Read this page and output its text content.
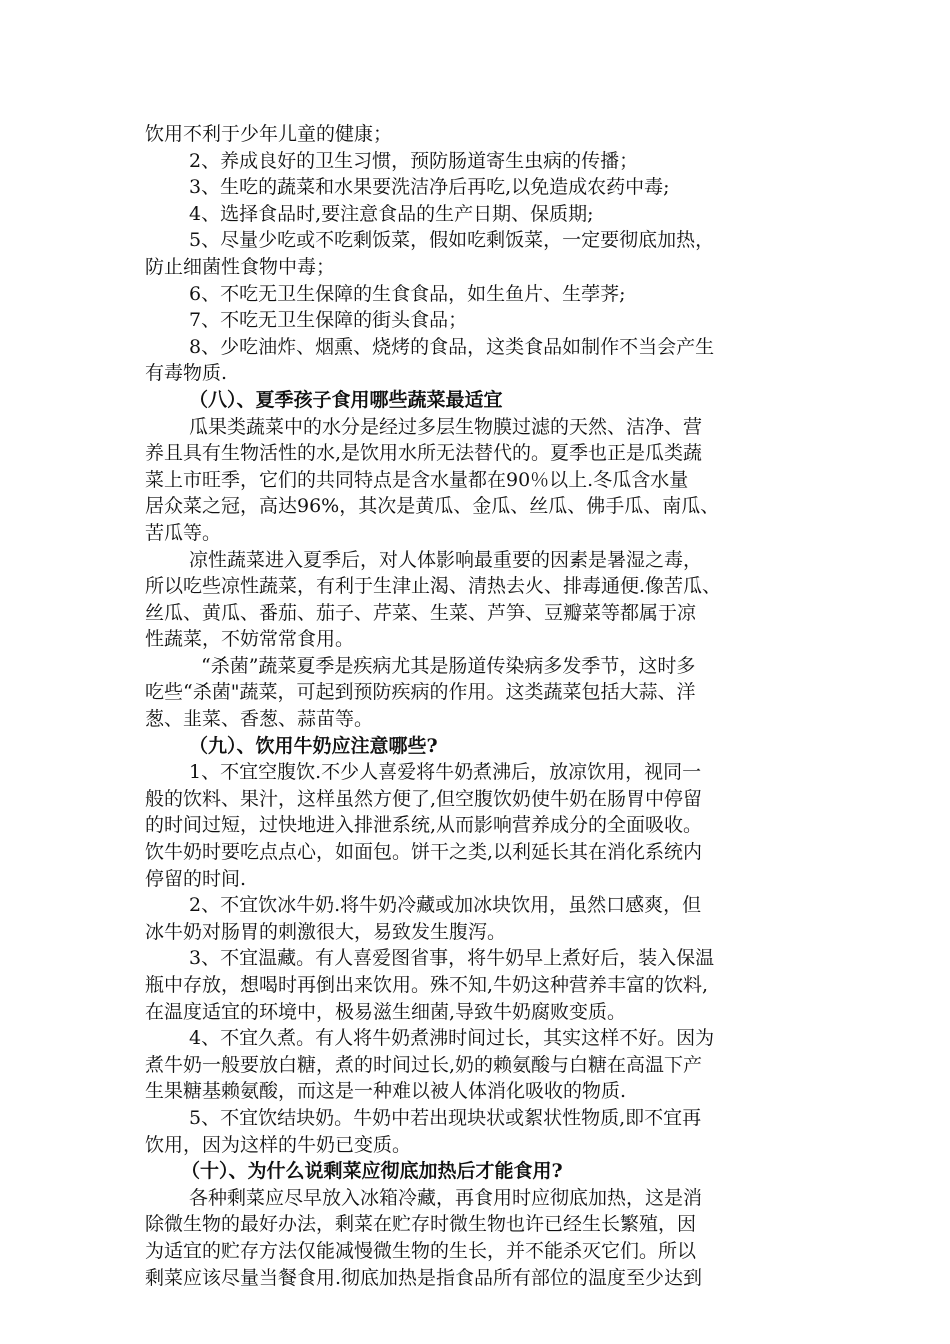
饮用不利于少年儿童的健康；
2、养成良好的卫生习惯，预防肠道寄生虫病的传播；
3、生吃的蔬菜和水果要洗洁净后再吃,以免造成农药中毒;
4、选择食品时,要注意食品的生产日期、保质期;
5、尽量少吃或不吃剩饭菜，假如吃剩饭菜，一定要彻底加热，
防止细菌性食物中毒；
6、不吃无卫生保障的生食食品，如生鱼片、生荸荠;
7、不吃无卫生保障的街头食品；
8、少吃油炸、烟熏、烧烤的食品，这类食品如制作不当会产生
有毒物质.
（八）、夏季孩子食用哪些蔬菜最适宜
瓜果类蔬菜中的水分是经过多层生物膜过滤的天然、洁净、营
养且具有生物活性的水,是饮用水所无法替代的。夏季也正是瓜类蔬
菜上市旺季，它们的共同特点是含水量都在90％以上.冬瓜含水量
居众菜之冠，高达96%，其次是黄瓜、金瓜、丝瓜、佛手瓜、南瓜、
苦瓜等。
凉性蔬菜进入夏季后，对人体影响最重要的因素是暑湿之毒，
所以吃些凉性蔬菜，有利于生津止渴、清热去火、排毒通便.像苦瓜、
丝瓜、黄瓜、番茄、茄子、芹菜、生菜、芦笋、豆瓣菜等都属于凉
性蔬菜，不妨常常食用。
“杀菌”蔬菜夏季是疾病尤其是肠道传染病多发季节，这时多
吃些“杀菌"蔬菜，可起到预防疾病的作用。这类蔬菜包括大蒜、洋
葱、韭菜、香葱、蒜苗等。
（九）、饮用牛奶应注意哪些?
1、不宜空腹饮.不少人喜爱将牛奶煮沸后，放凉饮用，视同一
般的饮料、果汁，这样虽然方便了,但空腹饮奶使牛奶在肠胃中停留
的时间过短，过快地进入排泄系统,从而影响营养成分的全面吸收。
饮牛奶时要吃点点心，如面包。饼干之类,以利延长其在消化系统内
停留的时间.
2、不宜饮冰牛奶.将牛奶冷藏或加冰块饮用，虽然口感爽，但
冰牛奶对肠胃的刺激很大，易致发生腹泻。
3、不宜温藏。有人喜爱图省事，将牛奶早上煮好后，装入保温
瓶中存放，想喝时再倒出来饮用。殊不知,牛奶这种营养丰富的饮料,
在温度适宜的环境中，极易滋生细菌,导致牛奶腐败变质。
4、不宜久煮。有人将牛奶煮沸时间过长，其实这样不好。因为
煮牛奶一般要放白糖，煮的时间过长,奶的赖氨酸与白糖在高温下产
生果糖基赖氨酸，而这是一种难以被人体消化吸收的物质.
5、不宜饮结块奶。牛奶中若出现块状或絮状性物质,即不宜再
饮用，因为这样的牛奶已变质。
（十）、为什么说剩菜应彻底加热后才能食用?
各种剩菜应尽早放入冰箱冷藏，再食用时应彻底加热，这是消
除微生物的最好办法，剩菜在贮存时微生物也许已经生长繁殖，因
为适宜的贮存方法仅能减慢微生物的生长，并不能杀灭它们。所以
剩菜应该尽量当餐食用.彻底加热是指食品所有部位的温度至少达到
